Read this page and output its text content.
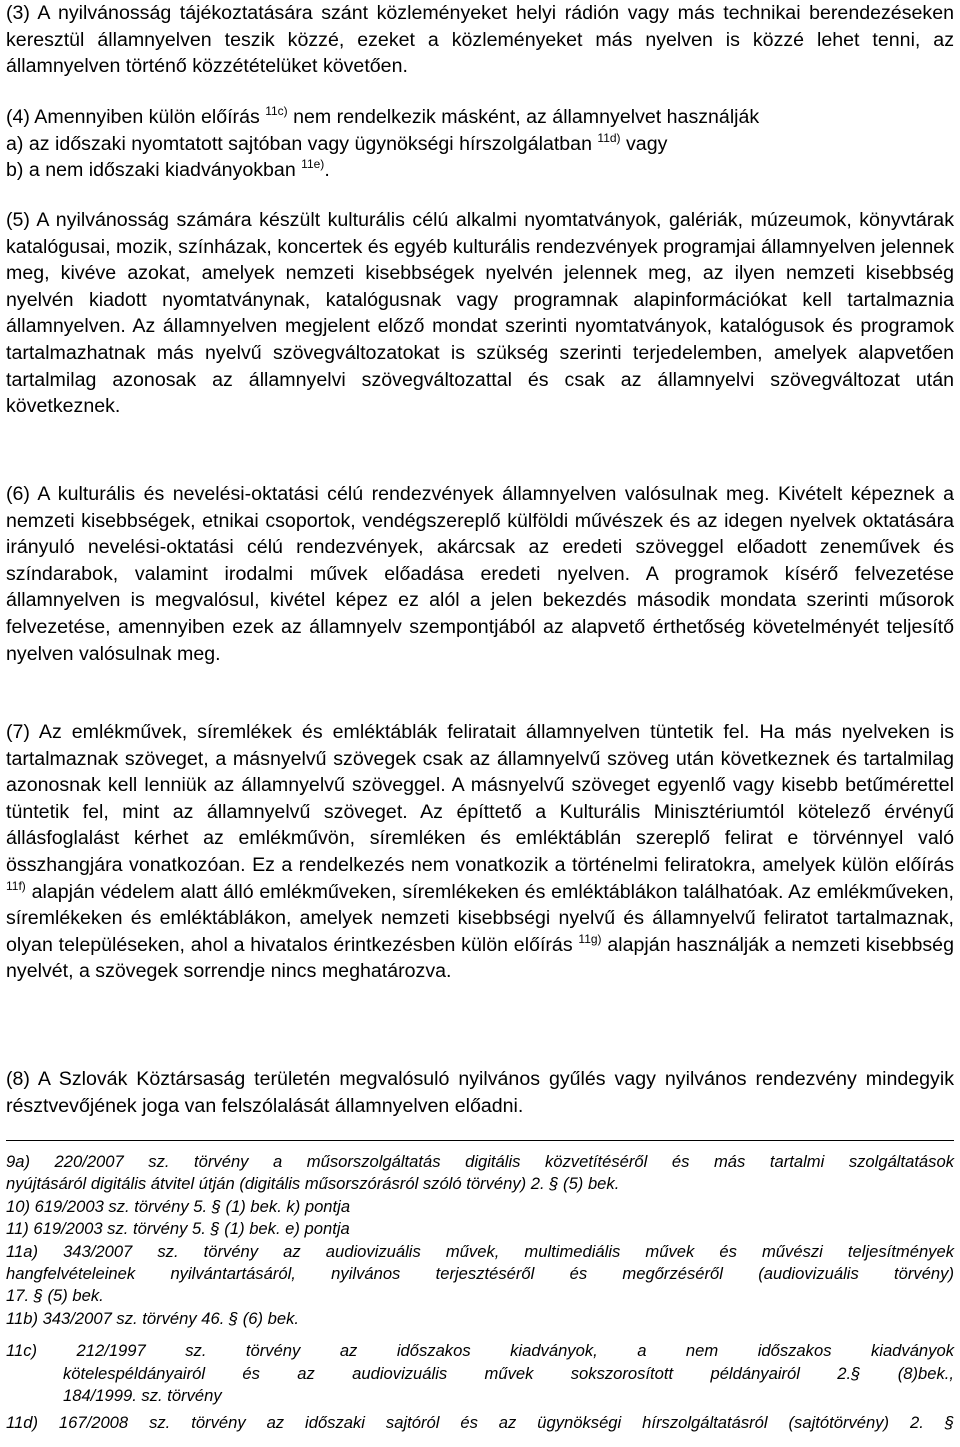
(3) A nyilvánosság tájékoztatására szánt közleményeket helyi rádión vagy más technikai berendezéseken keresztül államnyelven teszik közzé, ezeket a közleményeket más nyelven is közzé lehet tenni, az államnyelven történő közzétételüket követően.

(4) Amennyiben külön előírás $^{11c)}$ nem rendelkezik másként, az államnyelvet használják
a) az időszaki nyomtatott sajtóban vagy ügynökségi hírszolgálatban $^{11d)}$ vagy
b) a nem időszaki kiadványokban $^{11e)}$.

(5) A nyilvánosság számára készült kulturális célú alkalmi nyomtatványok, galériák, múzeumok, könyvtárak katalógusai, mozik, színházak, koncertek és egyéb kulturális rendezvények programjai államnyelven jelennek meg, kivéve azokat, amelyek nemzeti kisebbségek nyelvén jelennek meg, az ilyen nemzeti kisebbség nyelvén kiadott nyomtatványnak, katalógusnak vagy programnak alapinformációkat kell tartalmaznia államnyelven. Az államnyelven megjelent előző mondat szerinti nyomtatványok, katalógusok és programok tartalmazhatnak más nyelvű szövegváltozatokat is szükség szerinti terjedelemben, amelyek alapvetően tartalmilag azonosak az államnyelvi szövegváltozattal és csak az államnyelvi szövegváltozat után következnek.

(6) A kulturális és nevelési-oktatási célú rendezvények államnyelven valósulnak meg. Kivételt képeznek a nemzeti kisebbségek, etnikai csoportok, vendégszereplő külföldi művészek és az idegen nyelvek oktatására irányuló nevelési-oktatási célú rendezvények, akárcsak az eredeti szöveggel előadott zeneművek és színdarabok, valamint irodalmi művek előadása eredeti nyelven. A programok kísérő felvezetése államnyelven is megvalósul, kivétel képez ez alól a jelen bekezdés második mondata szerinti műsorok felvezetése, amennyiben ezek az államnyelv szempontjából az alapvető érthetőség követelményét teljesítő nyelven valósulnak meg.

(7) Az emlékművek, síremlékek és emléktáblák feliratait államnyelven tüntetik fel. Ha más nyelveken is tartalmaznak szöveget, a másnyelvű szövegek csak az államnyelvű szöveg után következnek és tartalmilag azonosnak kell lenniük az államnyelvű szöveggel. A másnyelvű szöveget egyenlő vagy kisebb betűmérettel tüntetik fel, mint az államnyelvű szöveget. Az építtető a Kulturális Minisztériumtól kötelező érvényű állásfoglalást kérhet az emlékművön, síremléken és emléktáblán szereplő felirat e törvénnyel való összhangjára vonatkozóan. Ez a rendelkezés nem vonatkozik a történelmi feliratokra, amelyek külön előírás $^{11f)}$ alapján védelem alatt álló emlékműveken, síremlékeken és emléktáblákon találhatóak. Az emlékműveken, síremlékeken és emléktáblákon, amelyek nemzeti kisebbségi nyelvű és államnyelvű feliratot tartalmaznak, olyan településeken, ahol a hivatalos érintkezésben külön előírás $^{11g)}$ alapján használják a nemzeti kisebbség nyelvét, a szövegek sorrendje nincs meghatározva.

(8) A Szlovák Köztársaság területén megvalósuló nyilvános gyűlés vagy nyilvános rendezvény mindegyik résztvevőjének joga van felszólalását államnyelven előadni.

9a) 220/2007 sz. törvény a műsorszolgáltatás digitális közvetítéséről és más tartalmi szolgáltatások
nyújtásáról digitális átvitel útján (digitális műsorszórásról szóló törvény) 2. § (5) bek.
10) 619/2003 sz. törvény 5. § (1) bek. k) pontja
11) 619/2003 sz. törvény 5. § (1) bek. e) pontja
11a) 343/2007 sz. törvény az audiovizuális művek, multimediális művek és művészi teljesítmények
hangfelvételeinek nyilvántartásáról, nyilvános terjesztéséről és megőrzéséről (audiovizuális törvény)
17. § (5) bek.
11b) 343/2007 sz. törvény 46. § (6) bek.
11c) 212/1997 sz. törvény az időszakos kiadványok, a nem időszakos kiadványok
kötelespéldányairól és az audiovizuális művek sokszorosított példányairól 2.§ (8)bek.,
184/1999. sz. törvény
11d) 167/2008 sz. törvény az időszaki sajtóról és az ügynökségi hírszolgáltatásról (sajtótörvény) 2. §
